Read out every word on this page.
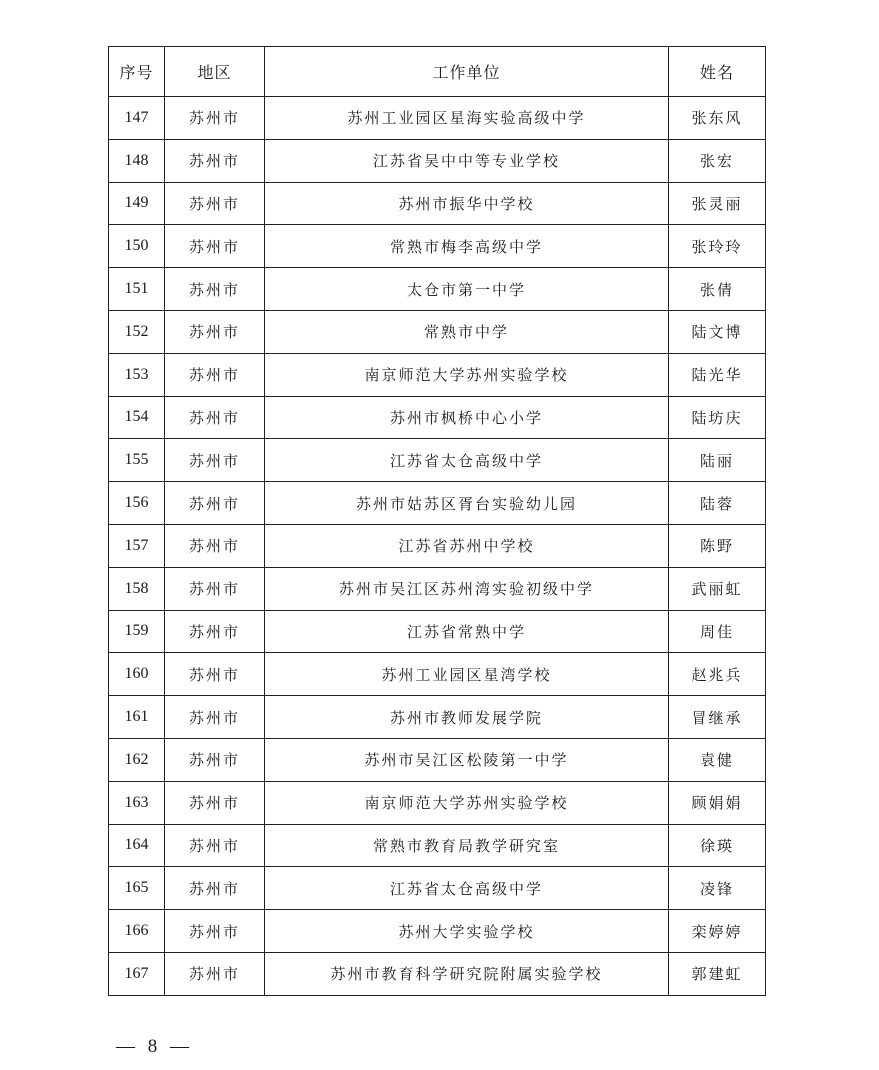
序号	地区	工作单位	姓名
147	苏州市	苏州工业园区星海实验高级中学	张东风
148	苏州市	江苏省吴中中等专业学校	张宏
149	苏州市	苏州市振华中学校	张灵丽
150	苏州市	常熟市梅李高级中学	张玲玲
151	苏州市	太仓市第一中学	张倩
152	苏州市	常熟市中学	陆文博
153	苏州市	南京师范大学苏州实验学校	陆光华
154	苏州市	苏州市枫桥中心小学	陆坊庆
155	苏州市	江苏省太仓高级中学	陆丽
156	苏州市	苏州市姑苏区胥台实验幼儿园	陆蓉
157	苏州市	江苏省苏州中学校	陈野
158	苏州市	苏州市吴江区苏州湾实验初级中学	武丽虹
159	苏州市	江苏省常熟中学	周佳
160	苏州市	苏州工业园区星湾学校	赵兆兵
161	苏州市	苏州市教师发展学院	冒继承
162	苏州市	苏州市吴江区松陵第一中学	袁健
163	苏州市	南京师范大学苏州实验学校	顾娟娟
164	苏州市	常熟市教育局教学研究室	徐瑛
165	苏州市	江苏省太仓高级中学	凌锋
166	苏州市	苏州大学实验学校	栾婷婷
167	苏州市	苏州市教育科学研究院附属实验学校	郭建虹
— 8 —
